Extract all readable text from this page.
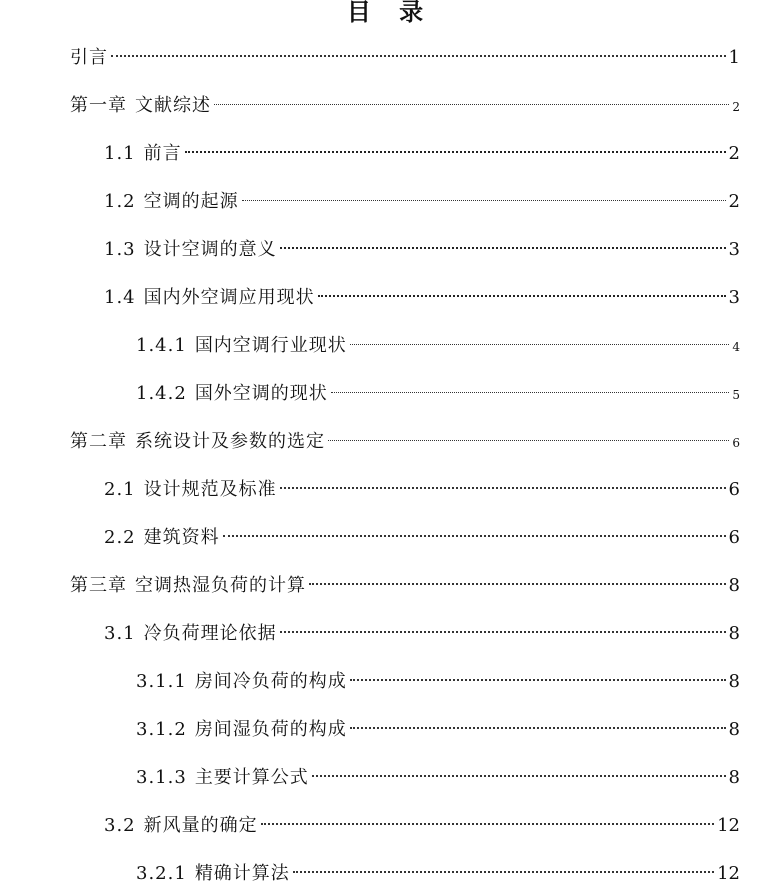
目 录
引言	1
第一章 文献综述	2
1.1 前言	2
1.2 空调的起源	2
1.3 设计空调的意义	3
1.4 国内外空调应用现状	3
1.4.1 国内空调行业现状	4
1.4.2 国外空调的现状	5
第二章 系统设计及参数的选定	6
2.1 设计规范及标准	6
2.2 建筑资料	6
第三章 空调热湿负荷的计算	8
3.1 冷负荷理论依据	8
3.1.1 房间冷负荷的构成	8
3.1.2 房间湿负荷的构成	8
3.1.3 主要计算公式	8
3.2 新风量的确定	12
3.2.1 精确计算法	12
